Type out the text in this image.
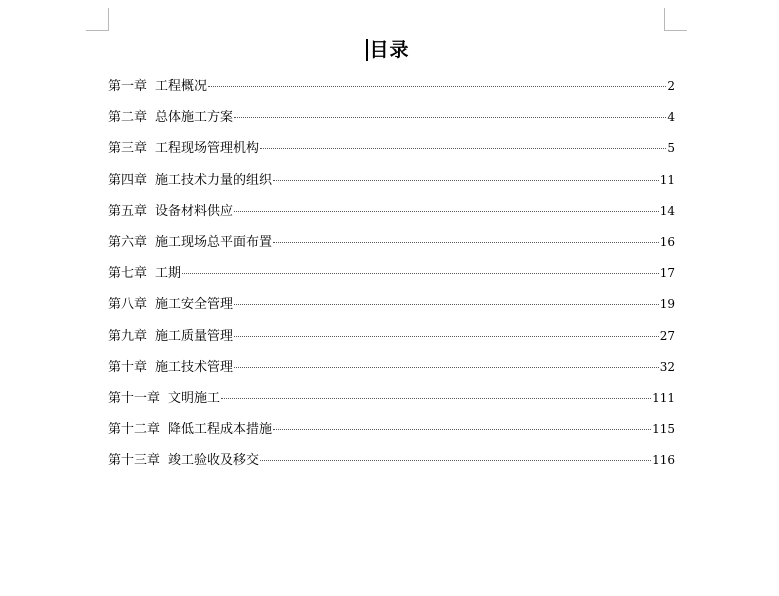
目录
第一章 工程概况	2
第二章 总体施工方案	4
第三章 工程现场管理机构	5
第四章 施工技术力量的组织	11
第五章 设备材料供应	14
第六章 施工现场总平面布置	16
第七章 工期	17
第八章 施工安全管理	19
第九章 施工质量管理	27
第十章 施工技术管理	32
第十一章 文明施工	111
第十二章 降低工程成本措施	115
第十三章 竣工验收及移交	116
